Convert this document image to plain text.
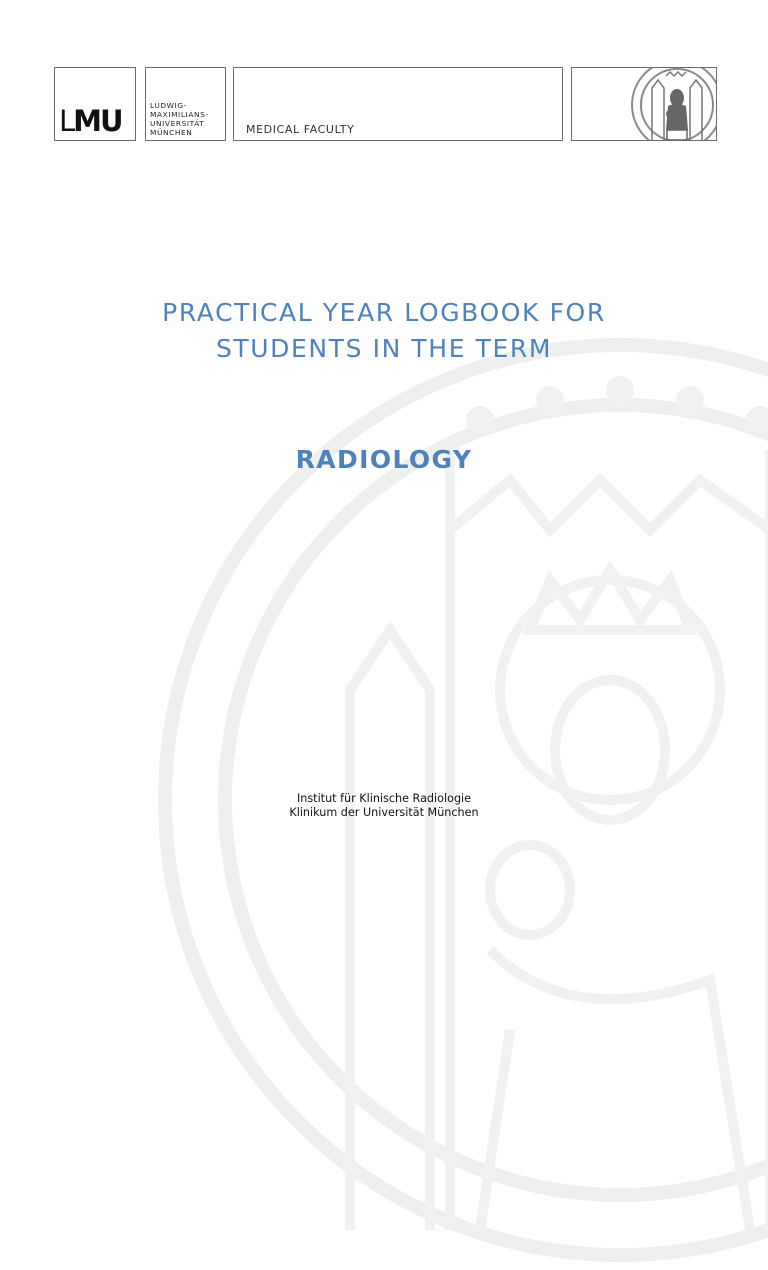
LMU	LUDWIG-
MAXIMILIANS-
UNIVERSITÄT
MÜNCHEN	MEDICAL FACULTY
PRACTICAL YEAR LOGBOOK FOR
STUDENTS IN THE TERM
RADIOLOGY
Institut für Klinische Radiologie
Klinikum der Universität München
